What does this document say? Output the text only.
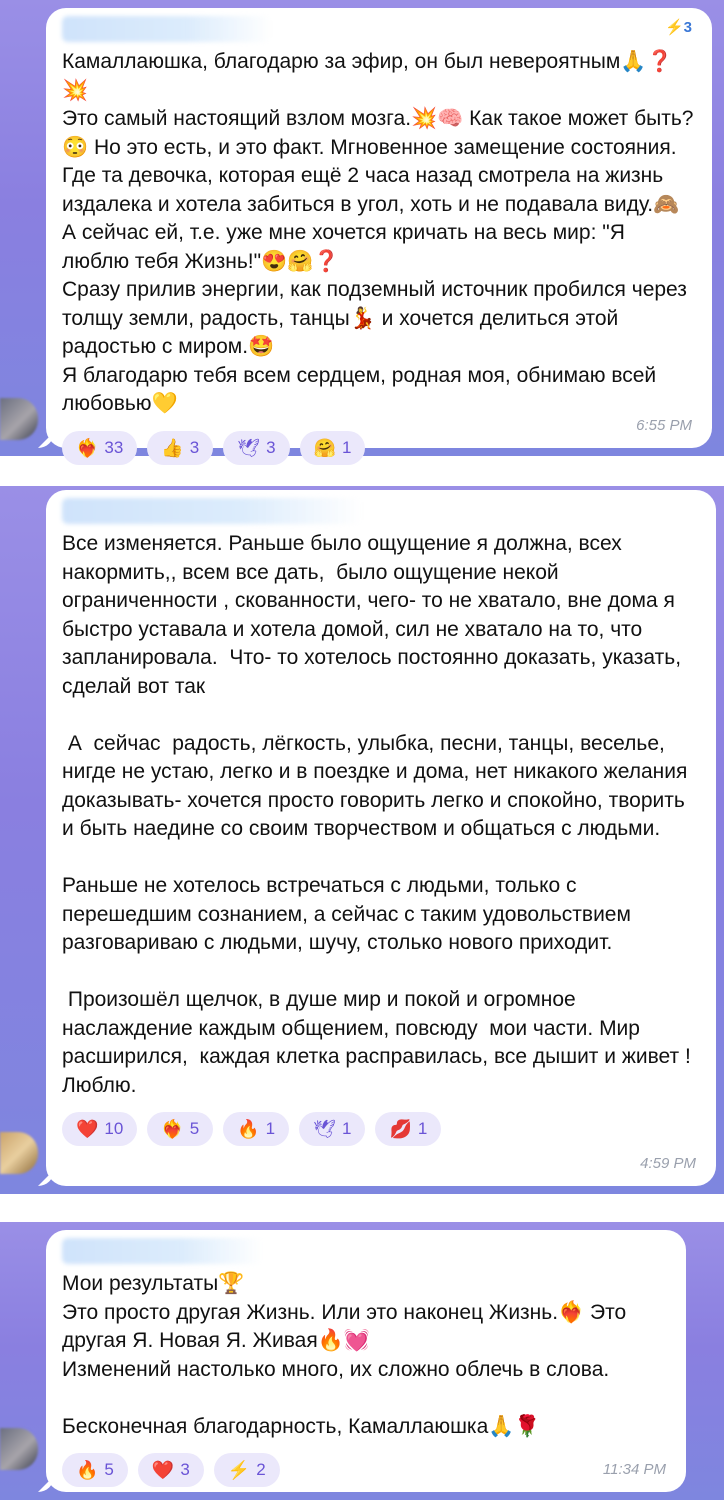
⚡3

Камаллаюшка, благодарю за эфир, он был невероятным🙏❓
💥
Это самый настоящий взлом мозга.💥🧠 Как такое может быть?😳 Но это есть, и это факт. Мгновенное замещение состояния. Где та девочка, которая ещё 2 часа назад смотрела на жизнь издалека и хотела забиться в угол, хоть и не подавала виду.🙈 А сейчас ей, т.е. уже мне хочется кричать на весь мир: "Я люблю тебя Жизнь!"😍🤗❓
Сразу прилив энергии, как подземный источник пробился через толщу земли, радость, танцы💃 и хочется делиться этой радостью с миром.🤩
Я благодарю тебя всем сердцем, родная моя, обнимаю всей любовью💛

❤️‍🔥 33 👍 3 🕊 3 🤗 1
6:55 PM

Все изменяется. Раньше было ощущение я должна, всех накормить,, всем все дать,  было ощущение некой ограниченности , скованности, чего- то не хватало, вне дома я быстро уставала и хотела домой, сил не хватало на то, что запланировала.  Что- то хотелось постоянно доказать, указать, сделай вот так

А  сейчас  радость, лёгкость, улыбка, песни, танцы, веселье, нигде не устаю, легко и в поездке и дома, нет никакого желания доказывать- хочется просто говорить легко и спокойно, творить и быть наедине со своим творчеством и общаться с людьми.

Раньше не хотелось встречаться с людьми, только с перешедшим сознанием, а сейчас с таким удовольствием разговариваю с людьми, шучу, столько нового приходит.

Произошёл щелчок, в душе мир и покой и огромное наслаждение каждым общением, повсюду  мои части. Мир расширился,  каждая клетка расправилась, все дышит и живет !
Люблю.

❤️ 10 ❤️‍🔥 5 🔥 1 🕊 1 💋 1
4:59 PM

Мои результаты🏆
Это просто другая Жизнь. Или это наконец Жизнь.❤️‍🔥 Это другая Я. Новая Я. Живая🔥💓
Изменений настолько много, их сложно облечь в слова.

Бесконечная благодарность, Камаллаюшка🙏🌹

🔥 5 ❤️ 3 ⚡ 2	11:34 PM
